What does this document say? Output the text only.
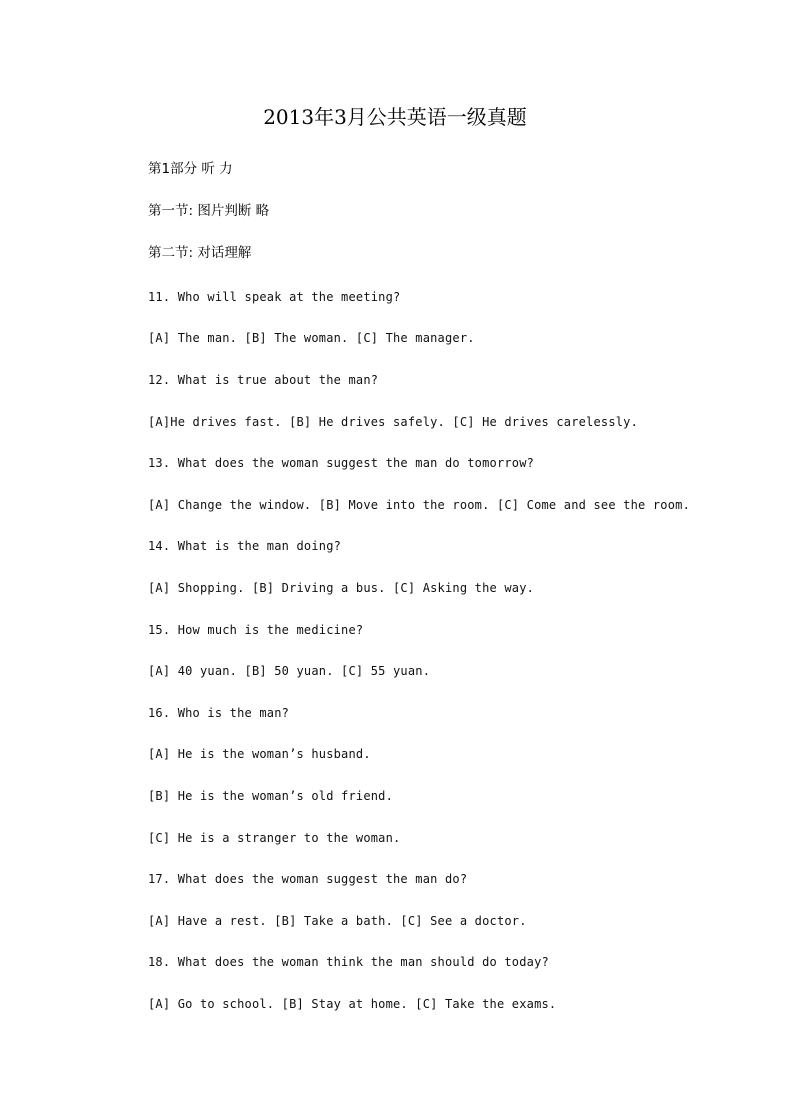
2013年3月公共英语一级真题
第1部分 听 力
第一节: 图片判断 略
第二节: 对话理解
11. Who will speak at the meeting?
[A] The man. [B] The woman. [C] The manager.
12. What is true about the man?
[A]He drives fast. [B] He drives safely. [C] He drives carelessly.
13. What does the woman suggest the man do tomorrow?
[A] Change the window. [B] Move into the room. [C] Come and see the room.
14. What is the man doing?
[A] Shopping. [B] Driving a bus. [C] Asking the way.
15. How much is the medicine?
[A] 40 yuan. [B] 50 yuan. [C] 55 yuan.
16. Who is the man?
[A] He is the woman’s husband.
[B] He is the woman’s old friend.
[C] He is a stranger to the woman.
17. What does the woman suggest the man do?
[A] Have a rest. [B] Take a bath. [C] See a doctor.
18. What does the woman think the man should do today?
[A] Go to school. [B] Stay at home. [C] Take the exams.
